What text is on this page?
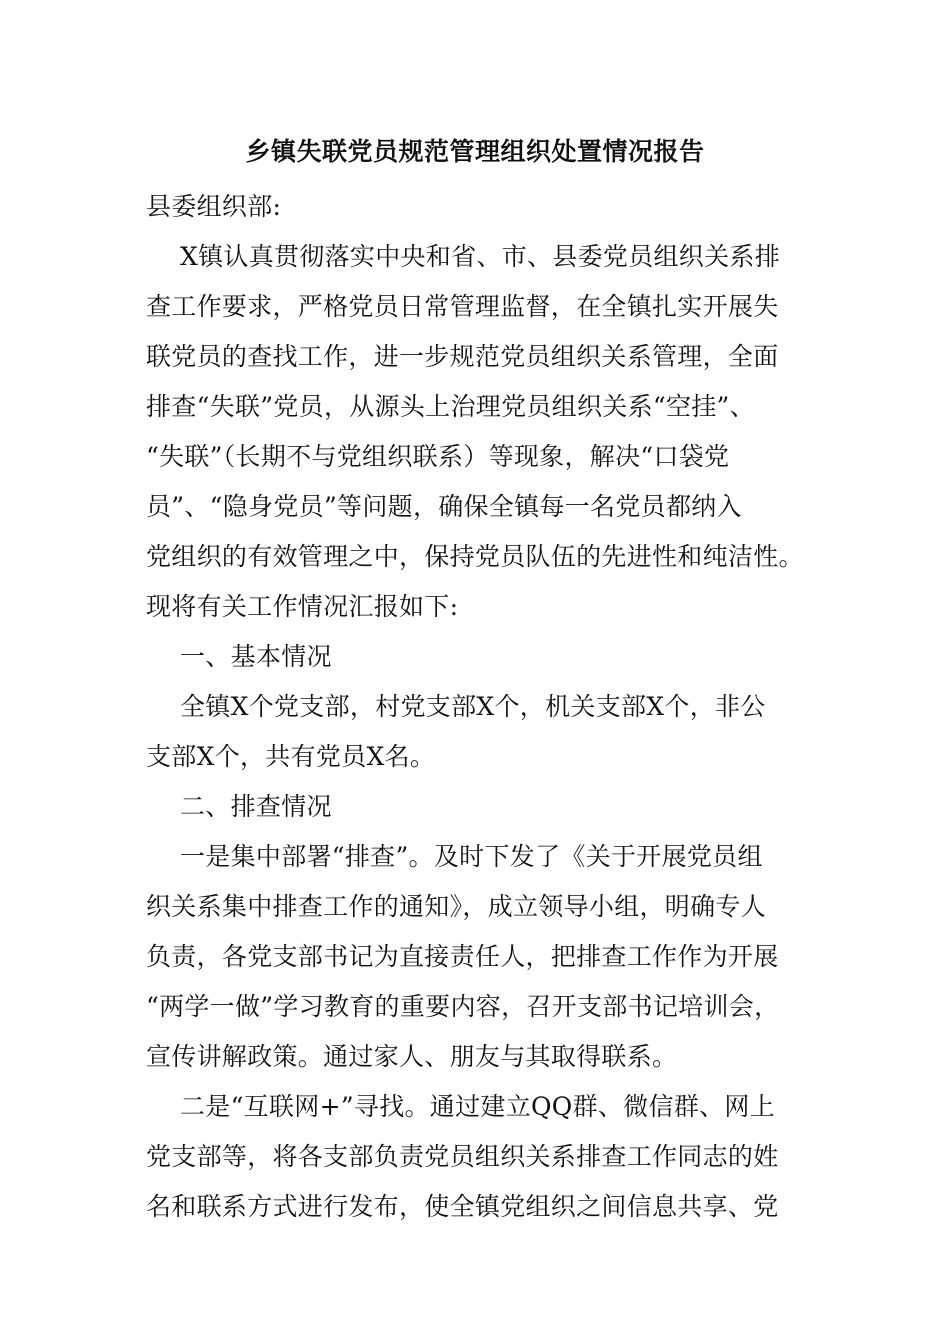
乡镇失联党员规范管理组织处置情况报告
县委组织部:
X镇认真贯彻落实中央和省、市、县委党员组织关系排
查工作要求，严格党员日常管理监督，在全镇扎实开展失
联党员的查找工作，进一步规范党员组织关系管理，全面
排查“失联”党员，从源头上治理党员组织关系“空挂”、
“失联”（长期不与党组织联系）等现象，解决“口袋党
员”、“隐身党员”等问题，确保全镇每一名党员都纳入
党组织的有效管理之中，保持党员队伍的先进性和纯洁性。
现将有关工作情况汇报如下:
一、基本情况
全镇X个党支部，村党支部X个，机关支部X个，非公
支部X个，共有党员X名。
二、排查情况
一是集中部署“排查”。及时下发了《关于开展党员组
织关系集中排查工作的通知》，成立领导小组，明确专人
负责，各党支部书记为直接责任人，把排查工作作为开展
“两学一做”学习教育的重要内容，召开支部书记培训会，
宣传讲解政策。通过家人、朋友与其取得联系。
二是“互联网+”寻找。通过建立QQ群、微信群、网上
党支部等，将各支部负责党员组织关系排查工作同志的姓
名和联系方式进行发布，使全镇党组织之间信息共享、党
